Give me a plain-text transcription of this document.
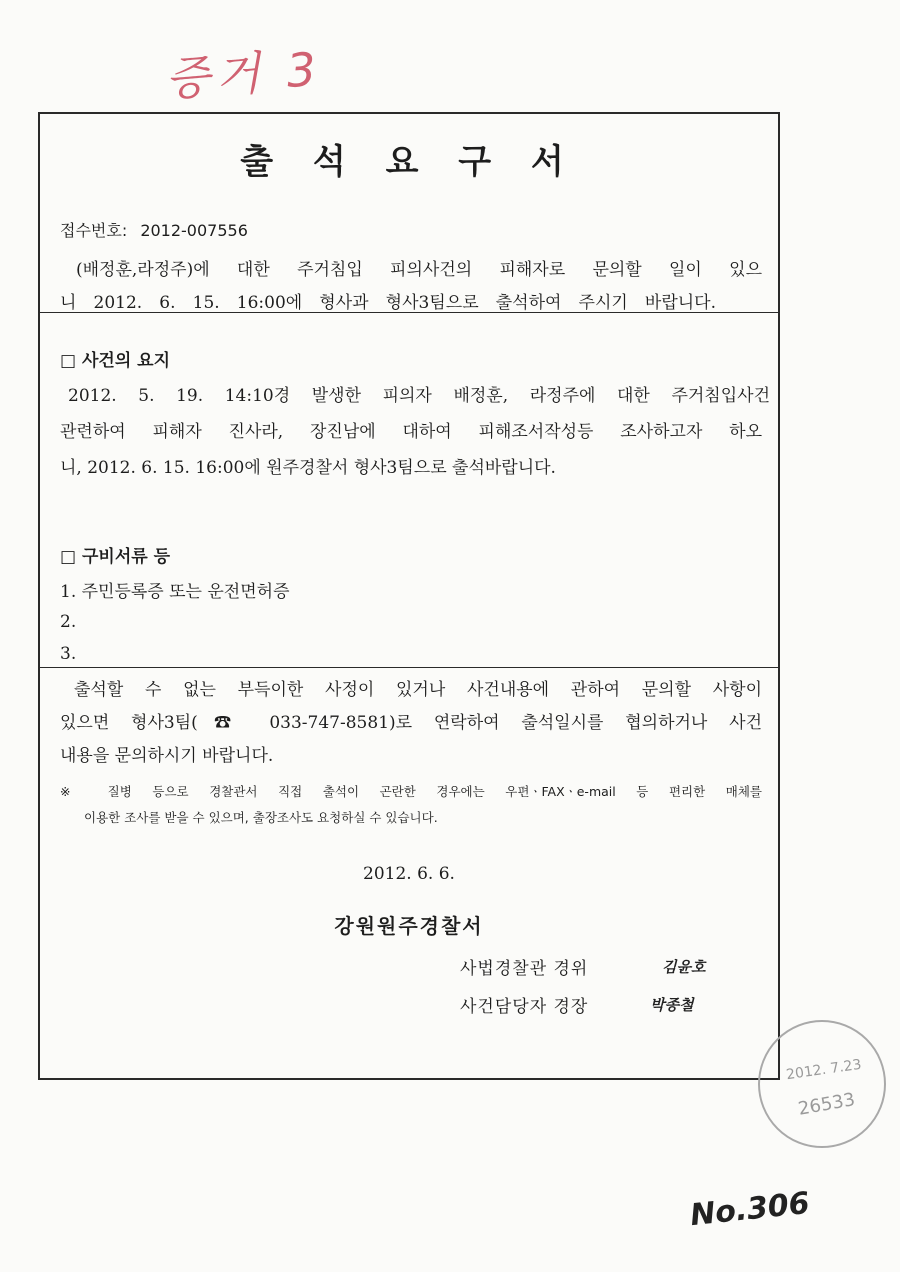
증거 3
출 석 요 구 서
접수번호: 2012-007556
(배정훈,라정주)에 대한 주거침입 피의사건의 피해자로 문의할 일이 있으
니 2012. 6. 15. 16:00에 형사과 형사3팀으로 출석하여 주시기 바랍니다.
□ 사건의 요지
2012. 5. 19. 14:10경 발생한 피의자 배정훈, 라정주에 대한 주거침입사건
관련하여 피해자 진사라, 장진남에 대하여 피해조서작성등 조사하고자 하오
니, 2012. 6. 15. 16:00에 원주경찰서 형사3팀으로 출석바랍니다.
□ 구비서류 등
1. 주민등록증 또는 운전면허증
2.
3.
출석할 수 없는 부득이한 사정이 있거나 사건내용에 관하여 문의할 사항이
있으면 형사3팀(☎ 033-747-8581)로 연락하여 출석일시를 협의하거나 사건
내용을 문의하시기 바랍니다.
※ 질병 등으로 경찰관서 직접 출석이 곤란한 경우에는 우편ㆍFAXㆍe-mail 등 편리한 매체를
이용한 조사를 받을 수 있으며, 출장조사도 요청하실 수 있습니다.
2012. 6. 6.
강원원주경찰서
사법경찰관 경위	김윤호
사건담당자 경장	박종철
2012. 7.23
26533
No.306
